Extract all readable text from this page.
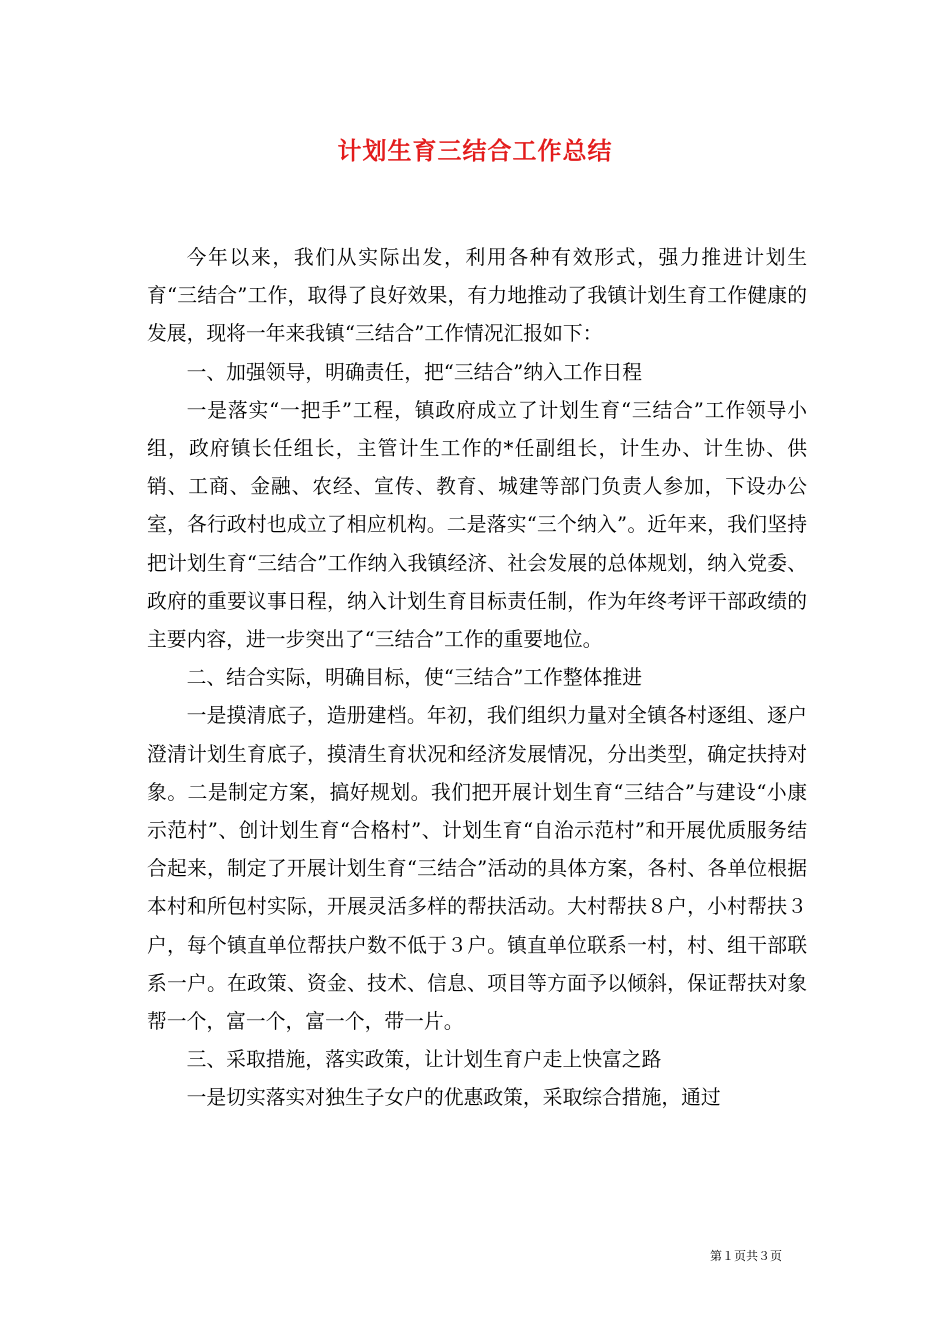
计划生育三结合工作总结

今年以来，我们从实际出发，利用各种有效形式，强力推进计划生育“三结合”工作，取得了良好效果，有力地推动了我镇计划生育工作健康的发展，现将一年来我镇“三结合”工作情况汇报如下：

一、加强领导，明确责任，把“三结合”纳入工作日程

一是落实“一把手”工程，镇政府成立了计划生育“三结合”工作领导小组，政府镇长任组长，主管计生工作的*任副组长，计生办、计生协、供销、工商、金融、农经、宣传、教育、城建等部门负责人参加，下设办公室，各行政村也成立了相应机构。二是落实“三个纳入”。近年来，我们坚持把计划生育“三结合”工作纳入我镇经济、社会发展的总体规划，纳入党委、政府的重要议事日程，纳入计划生育目标责任制，作为年终考评干部政绩的主要内容，进一步突出了“三结合”工作的重要地位。

二、结合实际，明确目标，使“三结合”工作整体推进

一是摸清底子，造册建档。年初，我们组织力量对全镇各村逐组、逐户澄清计划生育底子，摸清生育状况和经济发展情况，分出类型，确定扶持对象。二是制定方案，搞好规划。我们把开展计划生育“三结合”与建设“小康示范村”、创计划生育“合格村”、计划生育“自治示范村”和开展优质服务结合起来，制定了开展计划生育“三结合”活动的具体方案，各村、各单位根据本村和所包村实际，开展灵活多样的帮扶活动。大村帮扶８户，小村帮扶３户，每个镇直单位帮扶户数不低于３户。镇直单位联系一村，村、组干部联系一户。在政策、资金、技术、信息、项目等方面予以倾斜，保证帮扶对象帮一个，富一个，富一个，带一片。

三、采取措施，落实政策，让计划生育户走上快富之路

一是切实落实对独生子女户的优惠政策，采取综合措施，通过

第１页共３页
